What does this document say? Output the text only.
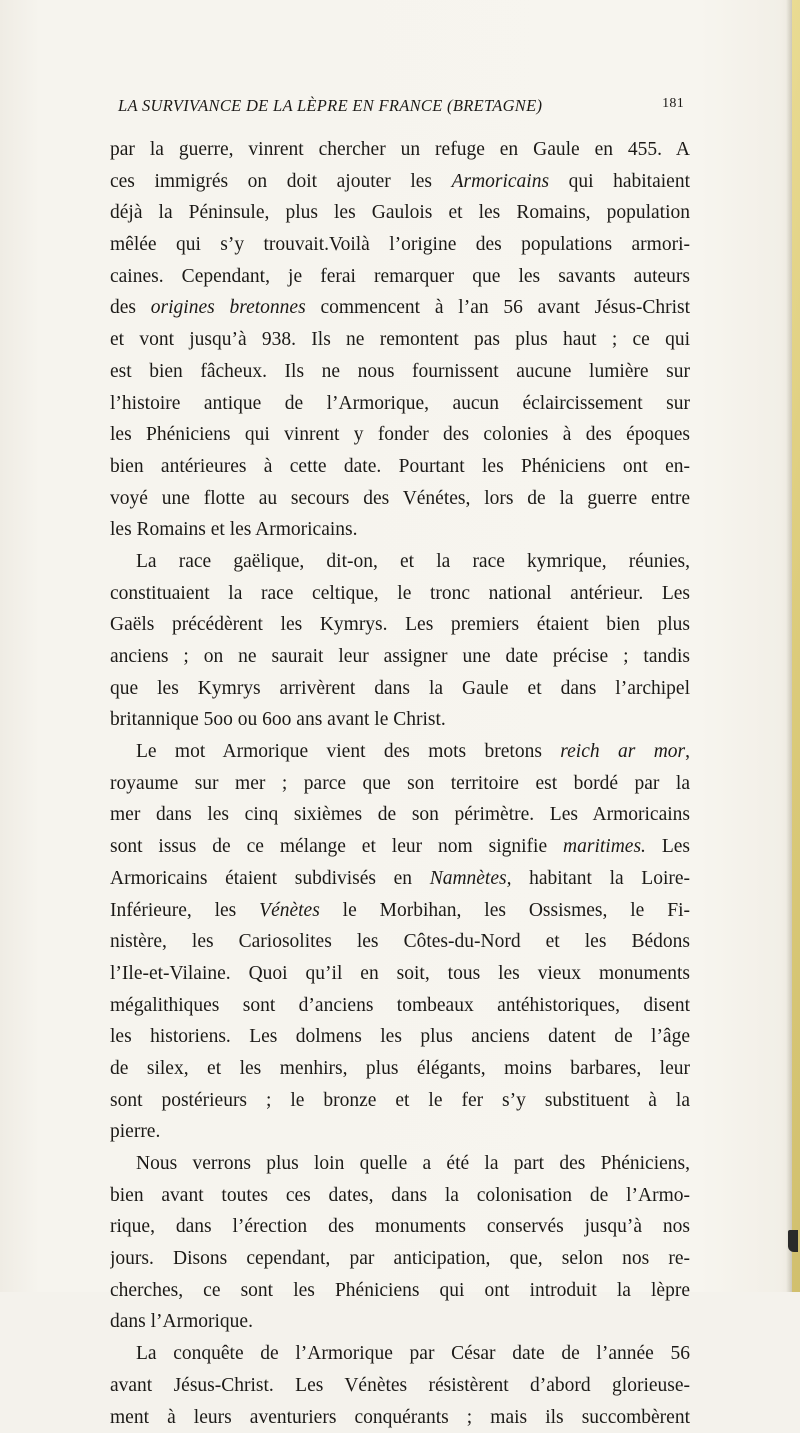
LA SURVIVANCE DE LA LÈPRE EN FRANCE (BRETAGNE)	181
par la guerre, vinrent chercher un refuge en Gaule en 455. A
ces immigrés on doit ajouter les Armoricains qui habitaient
déjà la Péninsule, plus les Gaulois et les Romains, population
mêlée qui s’y trouvait.Voilà l’origine des populations armori-
caines. Cependant, je ferai remarquer que les savants auteurs
des origines bretonnes commencent à l’an 56 avant Jésus-Christ
et vont jusqu’à 938. Ils ne remontent pas plus haut ; ce qui
est bien fâcheux. Ils ne nous fournissent aucune lumière sur
l’histoire antique de l’Armorique, aucun éclaircissement sur
les Phéniciens qui vinrent y fonder des colonies à des époques
bien antérieures à cette date. Pourtant les Phéniciens ont en-
voyé une flotte au secours des Vénétes, lors de la guerre entre
les Romains et les Armoricains.
La race gaëlique, dit-on, et la race kymrique, réunies,
constituaient la race celtique, le tronc national antérieur. Les
Gaëls précédèrent les Kymrys. Les premiers étaient bien plus
anciens ; on ne saurait leur assigner une date précise ; tandis
que les Kymrys arrivèrent dans la Gaule et dans l’archipel
britannique 5oo ou 6oo ans avant le Christ.
Le mot Armorique vient des mots bretons reich ar mor,
royaume sur mer ; parce que son territoire est bordé par la
mer dans les cinq sixièmes de son périmètre. Les Armoricains
sont issus de ce mélange et leur nom signifie maritimes. Les
Armoricains étaient subdivisés en Namnètes, habitant la Loire-
Inférieure, les Vénètes le Morbihan, les Ossismes, le Fi-
nistère, les Cariosolites les Côtes-du-Nord et les Bédons
l’Ile-et-Vilaine. Quoi qu’il en soit, tous les vieux monuments
mégalithiques sont d’anciens tombeaux antéhistoriques, disent
les historiens. Les dolmens les plus anciens datent de l’âge
de silex, et les menhirs, plus élégants, moins barbares, leur
sont postérieurs ; le bronze et le fer s’y substituent à la
pierre.
Nous verrons plus loin quelle a été la part des Phéniciens,
bien avant toutes ces dates, dans la colonisation de l’Armo-
rique, dans l’érection des monuments conservés jusqu’à nos
jours. Disons cependant, par anticipation, que, selon nos re-
cherches, ce sont les Phéniciens qui ont introduit la lèpre
dans l’Armorique.
La conquête de l’Armorique par César date de l’année 56
avant Jésus-Christ. Les Vénètes résistèrent d’abord glorieuse-
ment à leurs aventuriers conquérants ; mais ils succombèrent
